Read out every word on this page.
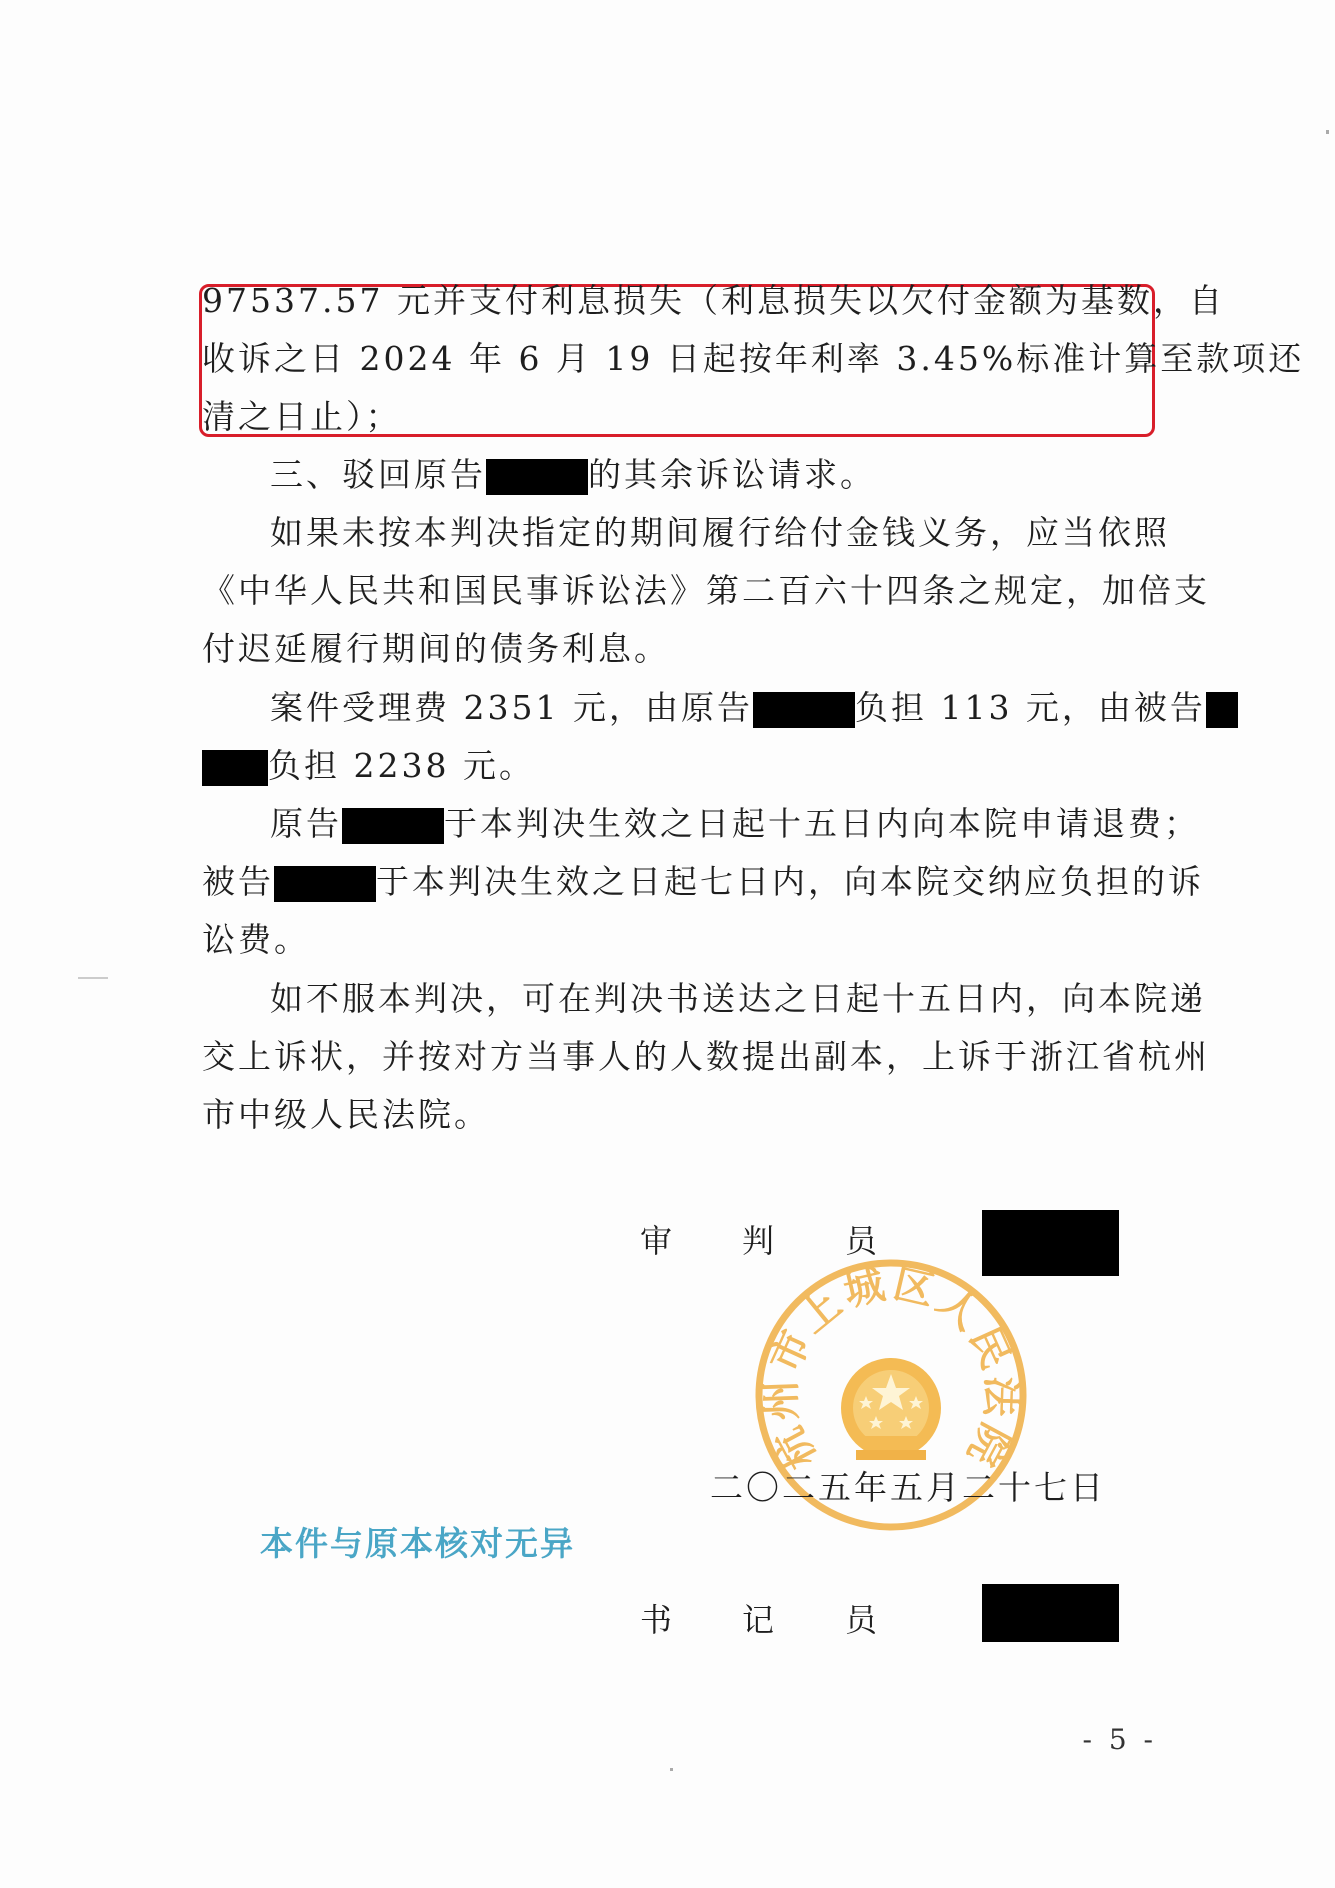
97537.57 元并支付利息损失（利息损失以欠付金额为基数，自
收诉之日 2024 年 6 月 19 日起按年利率 3.45%标准计算至款项还
清之日止）；
三、驳回原告	的其余诉讼请求。
如果未按本判决指定的期间履行给付金钱义务，应当依照
《中华人民共和国民事诉讼法》第二百六十四条之规定，加倍支
付迟延履行期间的债务利息。
案件受理费 2351 元，由原告	负担 113 元，由被告
负担 2238 元。
原告	于本判决生效之日起十五日内向本院申请退费；
被告	于本判决生效之日起七日内，向本院交纳应负担的诉
讼费。
如不服本判决，可在判决书送达之日起十五日内，向本院递
交上诉状，并按对方当事人的人数提出副本，上诉于浙江省杭州
市中级人民法院。
审 判 员
杭州市上城区人民法院
二〇二五年五月二十七日
本件与原本核对无异
书 记 员
- 5 -
